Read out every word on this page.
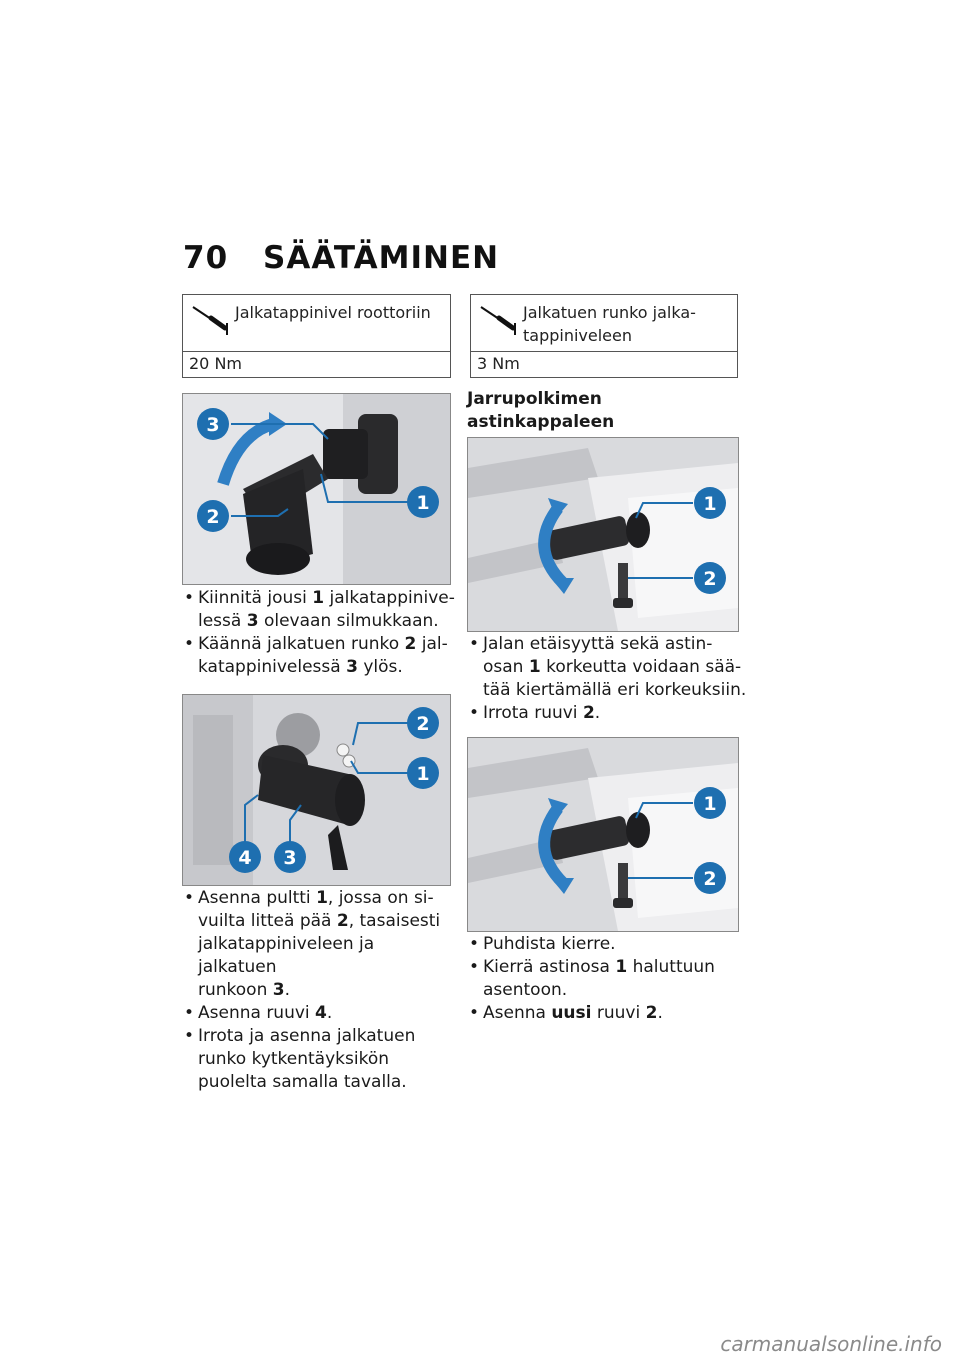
70 SÄÄTÄMINEN
Jalkatappinivel roottoriin
20 Nm
3
2
1

• Kiinnitä jousi 1 jalkatappinive-
lessä 3 olevaan silmukkaan.

• Käännä jalkatuen runko 2 jal-
katappinivelessä 3 ylös.

2
1
4 3

• Asenna pultti 1, jossa on si-
vuilta litteä pää 2, tasaisesti
jalkatappiniveleen ja jalkatuen
runkoon 3.

• Asenna ruuvi 4.

• Irrota ja asenna jalkatuen
runko kytkentäyksikön
puolelta samalla tavalla.

Jalkatuen runko jalka-
tappiniveleen
3 Nm
Jarrupolkimen astinkappaleen

1
2

• Jalan etäisyyttä sekä astin-
osan 1 korkeutta voidaan sää-
tää kiertämällä eri korkeuksiin.

• Irrota ruuvi 2.

1
2

• Puhdista kierre.

• Kierrä astinosa 1 haluttuun
asentoon.

• Asenna uusi ruuvi 2.

carmanualsonline.info
